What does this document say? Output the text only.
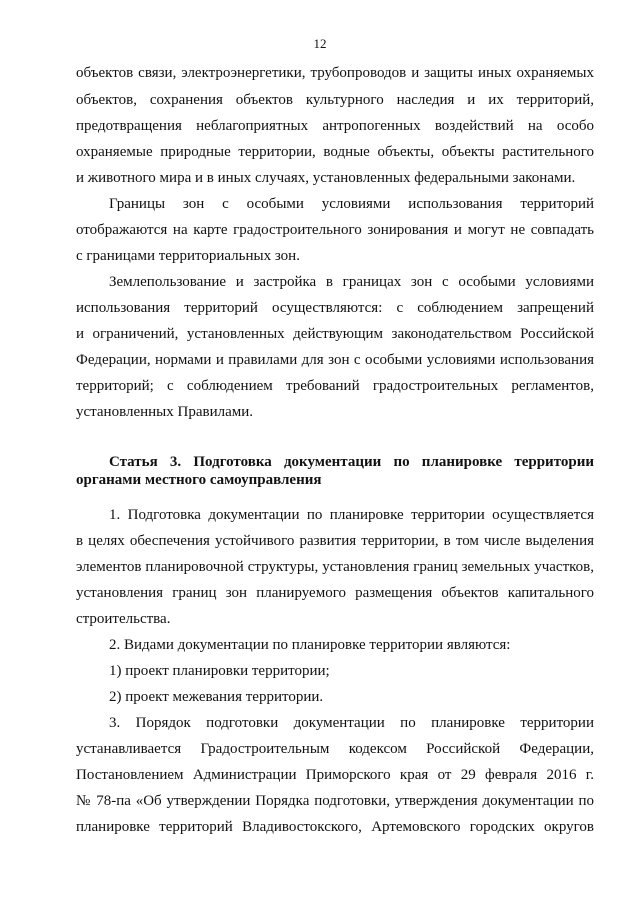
12
объектов связи, электроэнергетики, трубопроводов и защиты иных охраняемых
объектов, сохранения объектов культурного наследия и их территорий,
предотвращения неблагоприятных антропогенных воздействий на особо
охраняемые природные территории, водные объекты, объекты растительного
и животного мира и в иных случаях, установленных федеральными законами.
Границы зон с особыми условиями использования территорий
отображаются на карте градостроительного зонирования и могут не совпадать
с границами территориальных зон.
Землепользование и застройка в границах зон с особыми условиями
использования территорий осуществляются: с соблюдением запрещений
и ограничений, установленных действующим законодательством Российской
Федерации, нормами и правилами для зон с особыми условиями использования
территорий; с соблюдением требований градостроительных регламентов,
установленных Правилами.
Статья 3. Подготовка документации по планировке территории
органами местного самоуправления
1. Подготовка документации по планировке территории осуществляется
в целях обеспечения устойчивого развития территории, в том числе выделения
элементов планировочной структуры, установления границ земельных участков,
установления границ зон планируемого размещения объектов капитального
строительства.
2. Видами документации по планировке территории являются:
1) проект планировки территории;
2) проект межевания территории.
3. Порядок подготовки документации по планировке территории
устанавливается Градостроительным кодексом Российской Федерации,
Постановлением Администрации Приморского края от 29 февраля 2016 г.
№ 78-па «Об утверждении Порядка подготовки, утверждения документации по
планировке территорий Владивостокского, Артемовского городских округов
